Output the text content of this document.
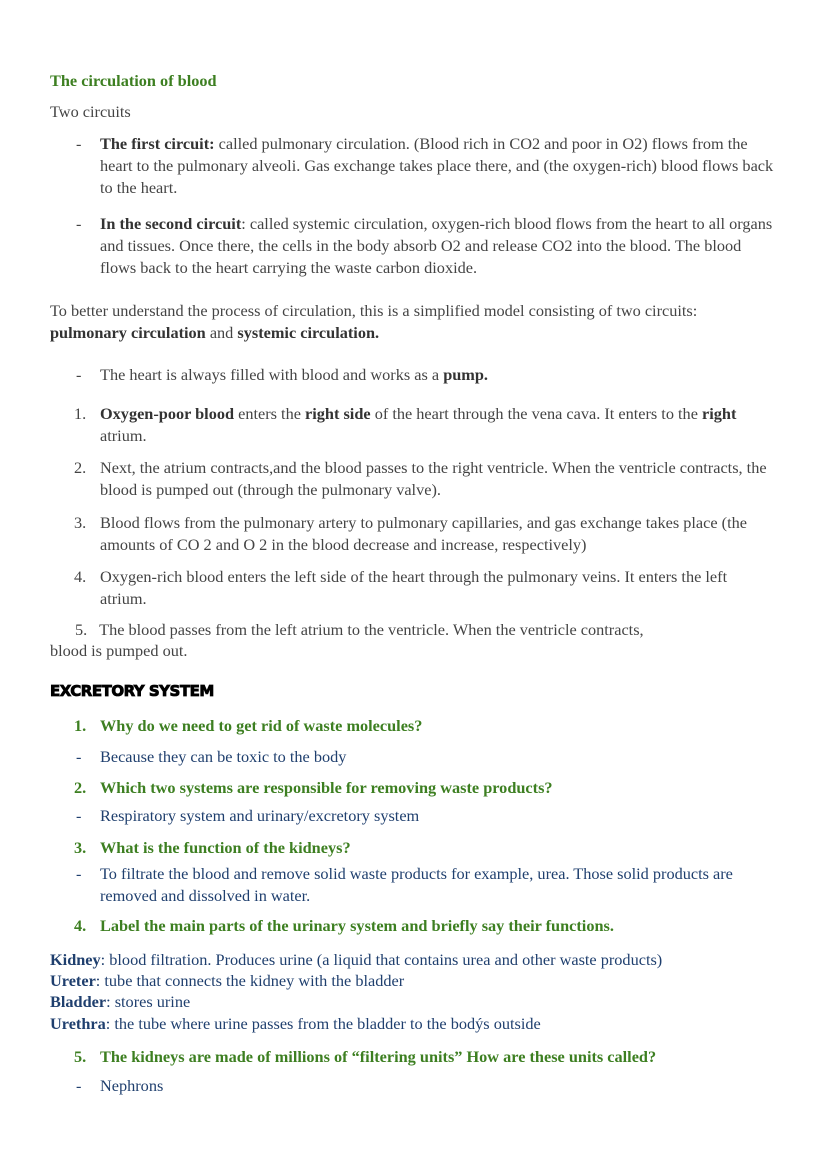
The circulation of blood
Two circuits
- The first circuit: called pulmonary circulation. (Blood rich in CO2 and poor in O2) flows from the heart to the pulmonary alveoli. Gas exchange takes place there, and (the oxygen-rich) blood flows back to the heart.
- In the second circuit: called systemic circulation, oxygen-rich blood flows from the heart to all organs and tissues. Once there, the cells in the body absorb O2 and release CO2 into the blood. The blood flows back to the heart carrying the waste carbon dioxide.
To better understand the process of circulation, this is a simplified model consisting of two circuits: pulmonary circulation and systemic circulation.
- The heart is always filled with blood and works as a pump.
1. Oxygen-poor blood enters the right side of the heart through the vena cava. It enters to the right atrium.
2. Next, the atrium contracts,and the blood passes to the right ventricle. When the ventricle contracts, the blood is pumped out (through the pulmonary valve).
3. Blood flows from the pulmonary artery to pulmonary capillaries, and gas exchange takes place (the amounts of CO 2 and O 2 in the blood decrease and increase, respectively)
4. Oxygen-rich blood enters the left side of the heart through the pulmonary veins. It enters the left atrium.
5.   The blood passes from the left atrium to the ventricle. When the ventricle contracts,
blood is pumped out.
EXCRETORY SYSTEM
1. Why do we need to get rid of waste molecules?
- Because they can be toxic to the body
2. Which two systems are responsible for removing waste products?
- Respiratory system and urinary/excretory system
3. What is the function of the kidneys?
- To filtrate the blood and remove solid waste products for example, urea. Those solid products are removed and dissolved in water.
4. Label the main parts of the urinary system and briefly say their functions.
Kidney: blood filtration. Produces urine (a liquid that contains urea and other waste products)
Ureter: tube that connects the kidney with the bladder
Bladder: stores urine
Urethra: the tube where urine passes from the bladder to the bodýs outside
5. The kidneys are made of millions of “filtering units” How are these units called?
- Nephrons
